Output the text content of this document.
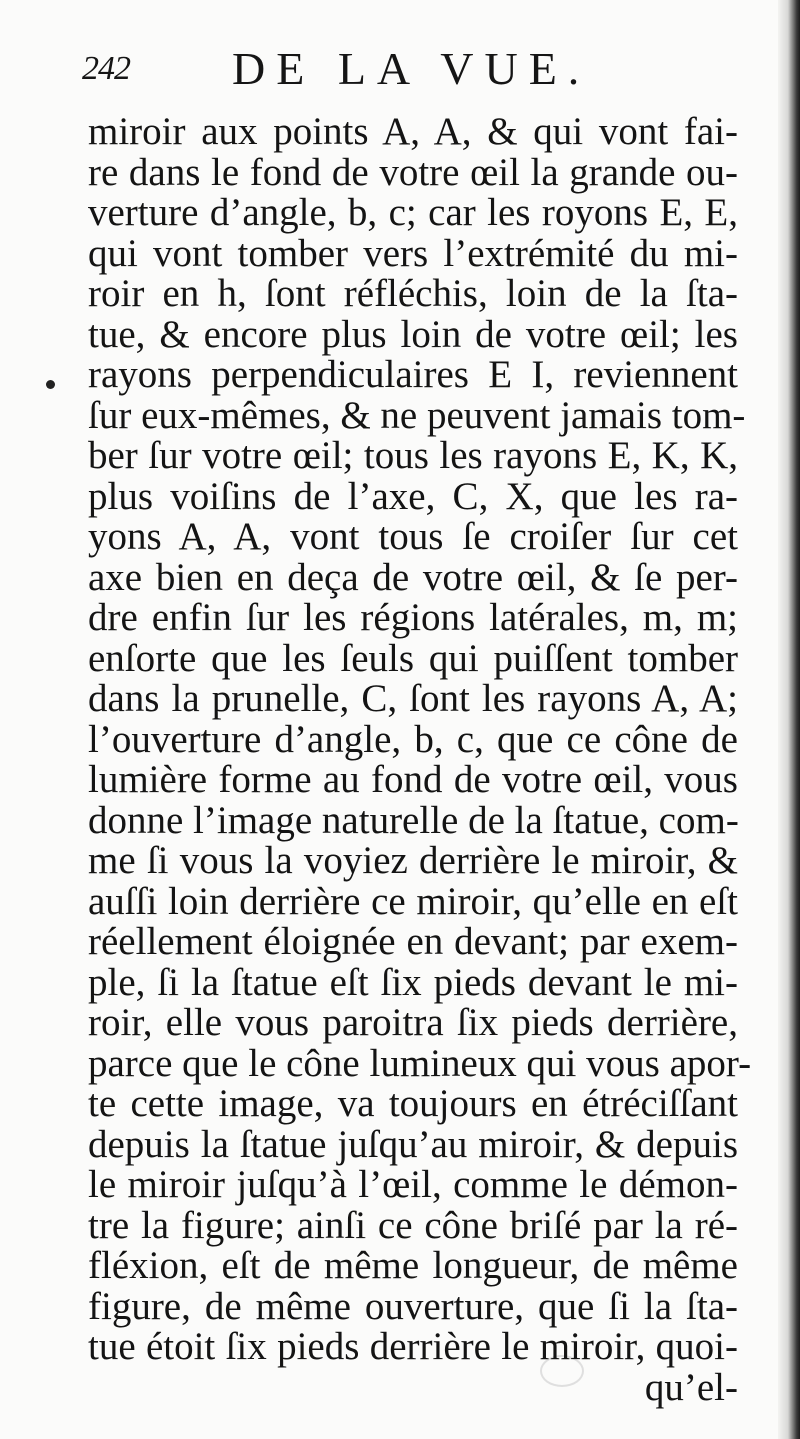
242 DE LA VUE.
miroir aux points A, A, & qui vont fai-
re dans le fond de votre œil la grande ou-
verture d’angle, b, c; car les royons E, E,
qui vont tomber vers l’extrémité du mi-
roir en h, ſont réfléchis, loin de la ſta-
tue, & encore plus loin de votre œil; les
rayons perpendiculaires E I, reviennent
ſur eux-mêmes, & ne peuvent jamais tom-
ber ſur votre œil; tous les rayons E, K, K,
plus voiſins de l’axe, C, X, que les ra-
yons A, A, vont tous ſe croiſer ſur cet
axe bien en deça de votre œil, & ſe per-
dre enfin ſur les régions latérales, m, m;
enſorte que les ſeuls qui puiſſent tomber
dans la prunelle, C, ſont les rayons A, A;
l’ouverture d’angle, b, c, que ce cône de
lumière forme au fond de votre œil, vous
donne l’image naturelle de la ſtatue, com-
me ſi vous la voyiez derrière le miroir, &
auſſi loin derrière ce miroir, qu’elle en eſt
réellement éloignée en devant; par exem-
ple, ſi la ſtatue eſt ſix pieds devant le mi-
roir, elle vous paroitra ſix pieds derrière,
parce que le cône lumineux qui vous apor-
te cette image, va toujours en étréciſſant
depuis la ſtatue juſqu’au miroir, & depuis
le miroir juſqu’à l’œil, comme le démon-
tre la figure; ainſi ce cône briſé par la ré-
fléxion, eſt de même longueur, de même
figure, de même ouverture, que ſi la ſta-
tue étoit ſix pieds derrière le miroir, quoi-
qu’el-
